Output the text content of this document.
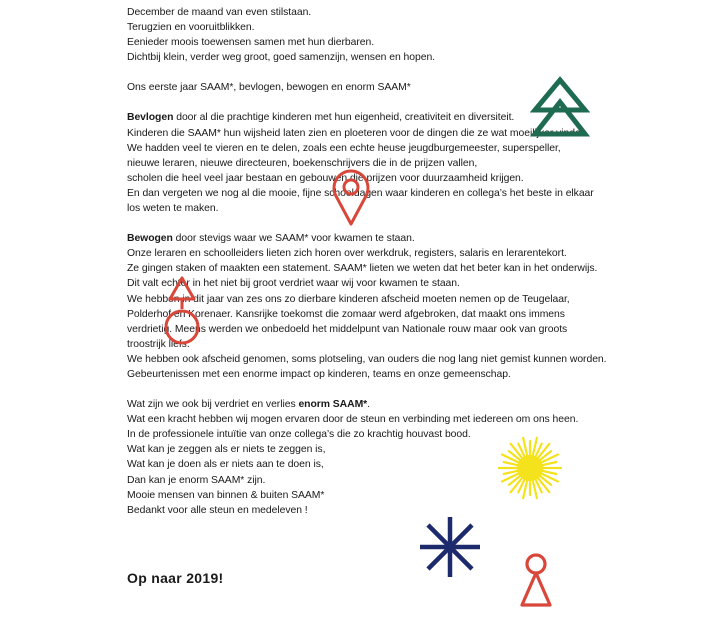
December de maand van even stilstaan.
Terugzien en vooruitblikken.
Eenieder moois toewensen samen met hun dierbaren.
Dichtbij klein, verder weg groot, goed samenzijn, wensen en hopen.
Ons eerste jaar SAAM*, bevlogen, bewogen en enorm SAAM*
Bevlogen door al die prachtige kinderen met hun eigenheid, creativiteit en diversiteit.
Kinderen die SAAM* hun wijsheid laten zien en ploeteren voor de dingen die ze wat moeilijker vinden.
We hadden veel te vieren en te delen, zoals een echte heuse jeugdburgemeester, superspeller,
nieuwe leraren, nieuwe directeuren, boekenschrijvers die in de prijzen vallen,
scholen die heel veel jaar bestaan en gebouwen die prijzen voor duurzaamheid krijgen.
En dan vergeten we nog al die mooie, fijne schooldagen waar kinderen en collega’s het beste in elkaar
los weten te maken.
Bewogen door stevigs waar we SAAM* voor kwamen te staan.
Onze leraren en schoolleiders lieten zich horen over werkdruk, registers, salaris en lerarentekort.
Ze gingen staken of maakten een statement. SAAM* lieten we weten dat het beter kan in het onderwijs.
Dit valt echter in het niet bij groot verdriet waar wij voor kwamen te staan.
We hebben in dit jaar van zes ons zo dierbare kinderen afscheid moeten nemen op de Teugelaar,
Polderhof en Korenaer. Kansrijke toekomst die zomaar werd afgebroken, dat maakt ons immens
verdrietig. Meens werden we onbedoeld het middelpunt van Nationale rouw maar ook van groots
troostrijk liefs.
We hebben ook afscheid genomen, soms plotseling, van ouders die nog lang niet gemist kunnen worden.
Gebeurtenissen met een enorme impact op kinderen, teams en onze gemeenschap.
Wat zijn we ook bij verdriet en verlies enorm SAAM*.
Wat een kracht hebben wij mogen ervaren door de steun en verbinding met iedereen om ons heen.
In de professionele intuïtie van onze collega’s die zo krachtig houvast bood.
Wat kan je zeggen als er niets te zeggen is,
Wat kan je doen als er niets aan te doen is,
Dan kan je enorm SAAM* zijn.
Mooie mensen van binnen & buiten SAAM*
Bedankt voor alle steun en medeleven !
Op naar 2019!
